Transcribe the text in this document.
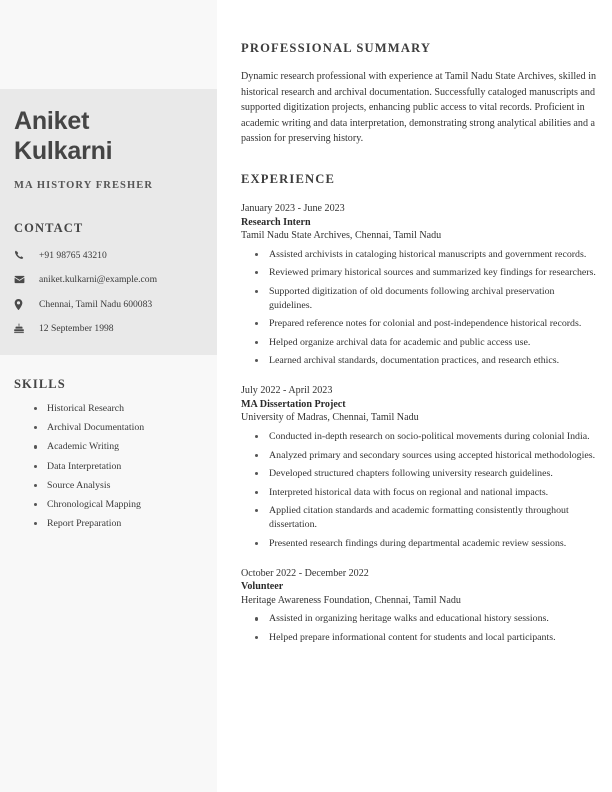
Aniket
Kulkarni
MA HISTORY FRESHER
CONTACT
+91 98765 43210
aniket.kulkarni@example.com
Chennai, Tamil Nadu 600083
12 September 1998
SKILLS
Historical Research
Archival Documentation
Academic Writing
Data Interpretation
Source Analysis
Chronological Mapping
Report Preparation
PROFESSIONAL SUMMARY
Dynamic research professional with experience at Tamil Nadu State Archives, skilled in historical research and archival documentation. Successfully cataloged manuscripts and supported digitization projects, enhancing public access to vital records. Proficient in academic writing and data interpretation, demonstrating strong analytical abilities and a passion for preserving history.
EXPERIENCE
January 2023 - June 2023
Research Intern
Tamil Nadu State Archives, Chennai, Tamil Nadu
Assisted archivists in cataloging historical manuscripts and government records.
Reviewed primary historical sources and summarized key findings for researchers.
Supported digitization of old documents following archival preservation guidelines.
Prepared reference notes for colonial and post-independence historical records.
Helped organize archival data for academic and public access use.
Learned archival standards, documentation practices, and research ethics.
July 2022 - April 2023
MA Dissertation Project
University of Madras, Chennai, Tamil Nadu
Conducted in-depth research on socio-political movements during colonial India.
Analyzed primary and secondary sources using accepted historical methodologies.
Developed structured chapters following university research guidelines.
Interpreted historical data with focus on regional and national impacts.
Applied citation standards and academic formatting consistently throughout dissertation.
Presented research findings during departmental academic review sessions.
October 2022 - December 2022
Volunteer
Heritage Awareness Foundation, Chennai, Tamil Nadu
Assisted in organizing heritage walks and educational history sessions.
Helped prepare informational content for students and local participants.
